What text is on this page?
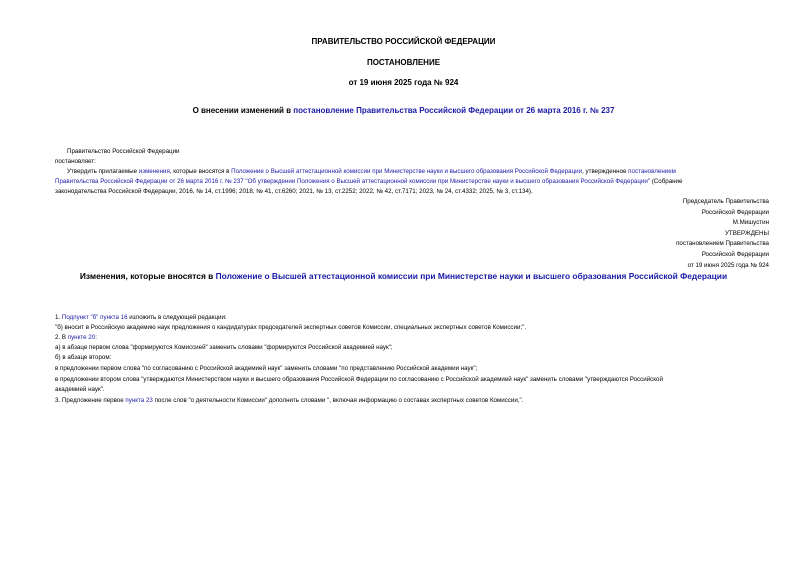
ПРАВИТЕЛЬСТВО РОССИЙСКОЙ ФЕДЕРАЦИИ
ПОСТАНОВЛЕНИЕ
от 19 июня 2025 года № 924
О внесении изменений в постановление Правительства Российской Федерации от 26 марта 2016 г. № 237
Правительство Российской Федерации
постановляет:
Утвердить прилагаемые изменения, которые вносятся в Положение о Высшей аттестационной комиссии при Министерстве науки и высшего образования Российской Федерации, утвержденное постановлением
Правительства Российской Федерации от 26 марта 2016 г. № 237 "Об утверждении Положения о Высшей аттестационной комиссии при Министерстве науки и высшего образования Российской Федерации" (Собрание
законодательства Российской Федерации, 2016, № 14, ст.1996; 2018, № 41, ст.6260; 2021, № 13, ст.2252; 2022, № 42, ст.7171; 2023, № 24, ст.4332; 2025, № 3, ст.134).
Председатель Правительства
Российской Федерации
М.Мишустин
УТВЕРЖДЕНЫ
постановлением Правительства
Российской Федерации
от 19 июня 2025 года № 924
Изменения, которые вносятся в Положение о Высшей аттестационной комиссии при Министерстве науки и высшего образования Российской Федерации
1. Подпункт "б" пункта 16 изложить в следующей редакции:
"б) вносит в Российскую академию наук предложения о кандидатурах председателей экспертных советов Комиссии, специальных экспертных советов Комиссии;".
2. В пункте 20:
а) в абзаце первом слова "формируются Комиссией" заменить словами "формируются Российской академией наук";
б) в абзаце втором:
в предложении первом слова "по согласованию с Российской академией наук" заменить словами "по представлению Российской академии наук";
в предложении втором слова "утверждаются Министерством науки и высшего образования Российской Федерации по согласованию с Российской академией наук" заменить словами "утверждаются Российской
академией наук".
3. Предложение первое пункта 23 после слов "о деятельности Комиссии" дополнить словами ", включая информацию о составах экспертных советов Комиссии,".
